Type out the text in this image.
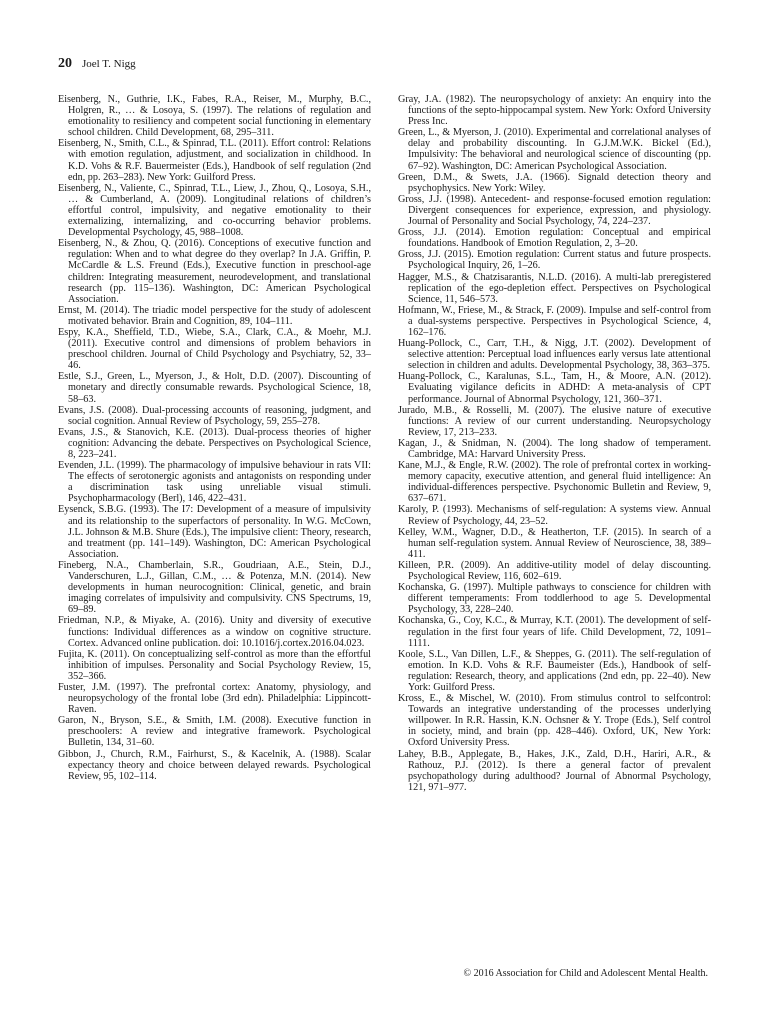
20 Joel T. Nigg

Eisenberg, N., Guthrie, I.K., Fabes, R.A., Reiser, M., Murphy, B.C., Holgren, R., … & Losoya, S. (1997). The relations of regulation and emotionality to resiliency and competent social functioning in elementary school children. Child Development, 68, 295–311.

Eisenberg, N., Smith, C.L., & Spinrad, T.L. (2011). Effort control: Relations with emotion regulation, adjustment, and socialization in childhood. In K.D. Vohs & R.F. Bauermeister (Eds.), Handbook of self regulation (2nd edn, pp. 263–283). New York: Guilford Press.

Eisenberg, N., Valiente, C., Spinrad, T.L., Liew, J., Zhou, Q., Losoya, S.H., … & Cumberland, A. (2009). Longitudinal relations of children’s effortful control, impulsivity, and negative emotionality to their externalizing, internalizing, and co-occurring behavior problems. Developmental Psychology, 45, 988–1008.

Eisenberg, N., & Zhou, Q. (2016). Conceptions of executive function and regulation: When and to what degree do they overlap? In J.A. Griffin, P. McCardle & L.S. Freund (Eds.), Executive function in preschool-age children: Integrating measurement, neurodevelopment, and translational research (pp. 115–136). Washington, DC: American Psychological Association.

Ernst, M. (2014). The triadic model perspective for the study of adolescent motivated behavior. Brain and Cognition, 89, 104–111.

Espy, K.A., Sheffield, T.D., Wiebe, S.A., Clark, C.A., & Moehr, M.J. (2011). Executive control and dimensions of problem behaviors in preschool children. Journal of Child Psychology and Psychiatry, 52, 33–46.

Estle, S.J., Green, L., Myerson, J., & Holt, D.D. (2007). Discounting of monetary and directly consumable rewards. Psychological Science, 18, 58–63.

Evans, J.S. (2008). Dual-processing accounts of reasoning, judgment, and social cognition. Annual Review of Psychology, 59, 255–278.

Evans, J.S., & Stanovich, K.E. (2013). Dual-process theories of higher cognition: Advancing the debate. Perspectives on Psychological Science, 8, 223–241.

Evenden, J.L. (1999). The pharmacology of impulsive behaviour in rats VII: The effects of serotonergic agonists and antagonists on responding under a discrimination task using unreliable visual stimuli. Psychopharmacology (Berl), 146, 422–431.

Eysenck, S.B.G. (1993). The I7: Development of a measure of impulsivity and its relationship to the superfactors of personality. In W.G. McCown, J.L. Johnson & M.B. Shure (Eds.), The impulsive client: Theory, research, and treatment (pp. 141–149). Washington, DC: American Psychological Association.

Fineberg, N.A., Chamberlain, S.R., Goudriaan, A.E., Stein, D.J., Vanderschuren, L.J., Gillan, C.M., … & Potenza, M.N. (2014). New developments in human neurocognition: Clinical, genetic, and brain imaging correlates of impulsivity and compulsivity. CNS Spectrums, 19, 69–89.

Friedman, N.P., & Miyake, A. (2016). Unity and diversity of executive functions: Individual differences as a window on cognitive structure. Cortex. Advanced online publication. doi: 10.1016/j.cortex.2016.04.023.

Fujita, K. (2011). On conceptualizing self-control as more than the effortful inhibition of impulses. Personality and Social Psychology Review, 15, 352–366.

Fuster, J.M. (1997). The prefrontal cortex: Anatomy, physiology, and neuropsychology of the frontal lobe (3rd edn). Philadelphia: Lippincott-Raven.

Garon, N., Bryson, S.E., & Smith, I.M. (2008). Executive function in preschoolers: A review and integrative framework. Psychological Bulletin, 134, 31–60.

Gibbon, J., Church, R.M., Fairhurst, S., & Kacelnik, A. (1988). Scalar expectancy theory and choice between delayed rewards. Psychological Review, 95, 102–114.

Gray, J.A. (1982). The neuropsychology of anxiety: An enquiry into the functions of the septo-hippocampal system. New York: Oxford University Press Inc.

Green, L., & Myerson, J. (2010). Experimental and correlational analyses of delay and probability discounting. In G.J.M.W.K. Bickel (Ed.), Impulsivity: The behavioral and neurological science of discounting (pp. 67–92). Washington, DC: American Psychological Association.

Green, D.M., & Swets, J.A. (1966). Signald detection theory and psychophysics. New York: Wiley.

Gross, J.J. (1998). Antecedent- and response-focused emotion regulation: Divergent consequences for experience, expression, and physiology. Journal of Personality and Social Psychology, 74, 224–237.

Gross, J.J. (2014). Emotion regulation: Conceptual and empirical foundations. Handbook of Emotion Regulation, 2, 3–20.

Gross, J.J. (2015). Emotion regulation: Current status and future prospects. Psychological Inquiry, 26, 1–26.

Hagger, M.S., & Chatzisarantis, N.L.D. (2016). A multi-lab preregistered replication of the ego-depletion effect. Perspectives on Psychological Science, 11, 546–573.

Hofmann, W., Friese, M., & Strack, F. (2009). Impulse and self-control from a dual-systems perspective. Perspectives in Psychological Science, 4, 162–176.

Huang-Pollock, C., Carr, T.H., & Nigg, J.T. (2002). Development of selective attention: Perceptual load influences early versus late attentional selection in children and adults. Developmental Psychology, 38, 363–375.

Huang-Pollock, C., Karalunas, S.L., Tam, H., & Moore, A.N. (2012). Evaluating vigilance deficits in ADHD: A meta-analysis of CPT performance. Journal of Abnormal Psychology, 121, 360–371.

Jurado, M.B., & Rosselli, M. (2007). The elusive nature of executive functions: A review of our current understanding. Neuropsychology Review, 17, 213–233.

Kagan, J., & Snidman, N. (2004). The long shadow of temperament. Cambridge, MA: Harvard University Press.

Kane, M.J., & Engle, R.W. (2002). The role of prefrontal cortex in working-memory capacity, executive attention, and general fluid intelligence: An individual-differences perspective. Psychonomic Bulletin and Review, 9, 637–671.

Karoly, P. (1993). Mechanisms of self-regulation: A systems view. Annual Review of Psychology, 44, 23–52.

Kelley, W.M., Wagner, D.D., & Heatherton, T.F. (2015). In search of a human self-regulation system. Annual Review of Neuroscience, 38, 389–411.

Killeen, P.R. (2009). An additive-utility model of delay discounting. Psychological Review, 116, 602–619.

Kochanska, G. (1997). Multiple pathways to conscience for children with different temperaments: From toddlerhood to age 5. Developmental Psychology, 33, 228–240.

Kochanska, G., Coy, K.C., & Murray, K.T. (2001). The development of self-regulation in the first four years of life. Child Development, 72, 1091–1111.

Koole, S.L., Van Dillen, L.F., & Sheppes, G. (2011). The self-regulation of emotion. In K.D. Vohs & R.F. Baumeister (Eds.), Handbook of self-regulation: Research, theory, and applications (2nd edn, pp. 22–40). New York: Guilford Press.

Kross, E., & Mischel, W. (2010). From stimulus control to selfcontrol: Towards an integrative understanding of the processes underlying willpower. In R.R. Hassin, K.N. Ochsner & Y. Trope (Eds.), Self control in society, mind, and brain (pp. 428–446). Oxford, UK, New York: Oxford University Press.

Lahey, B.B., Applegate, B., Hakes, J.K., Zald, D.H., Hariri, A.R., & Rathouz, P.J. (2012). Is there a general factor of prevalent psychopathology during adulthood? Journal of Abnormal Psychology, 121, 971–977.

© 2016 Association for Child and Adolescent Mental Health.
